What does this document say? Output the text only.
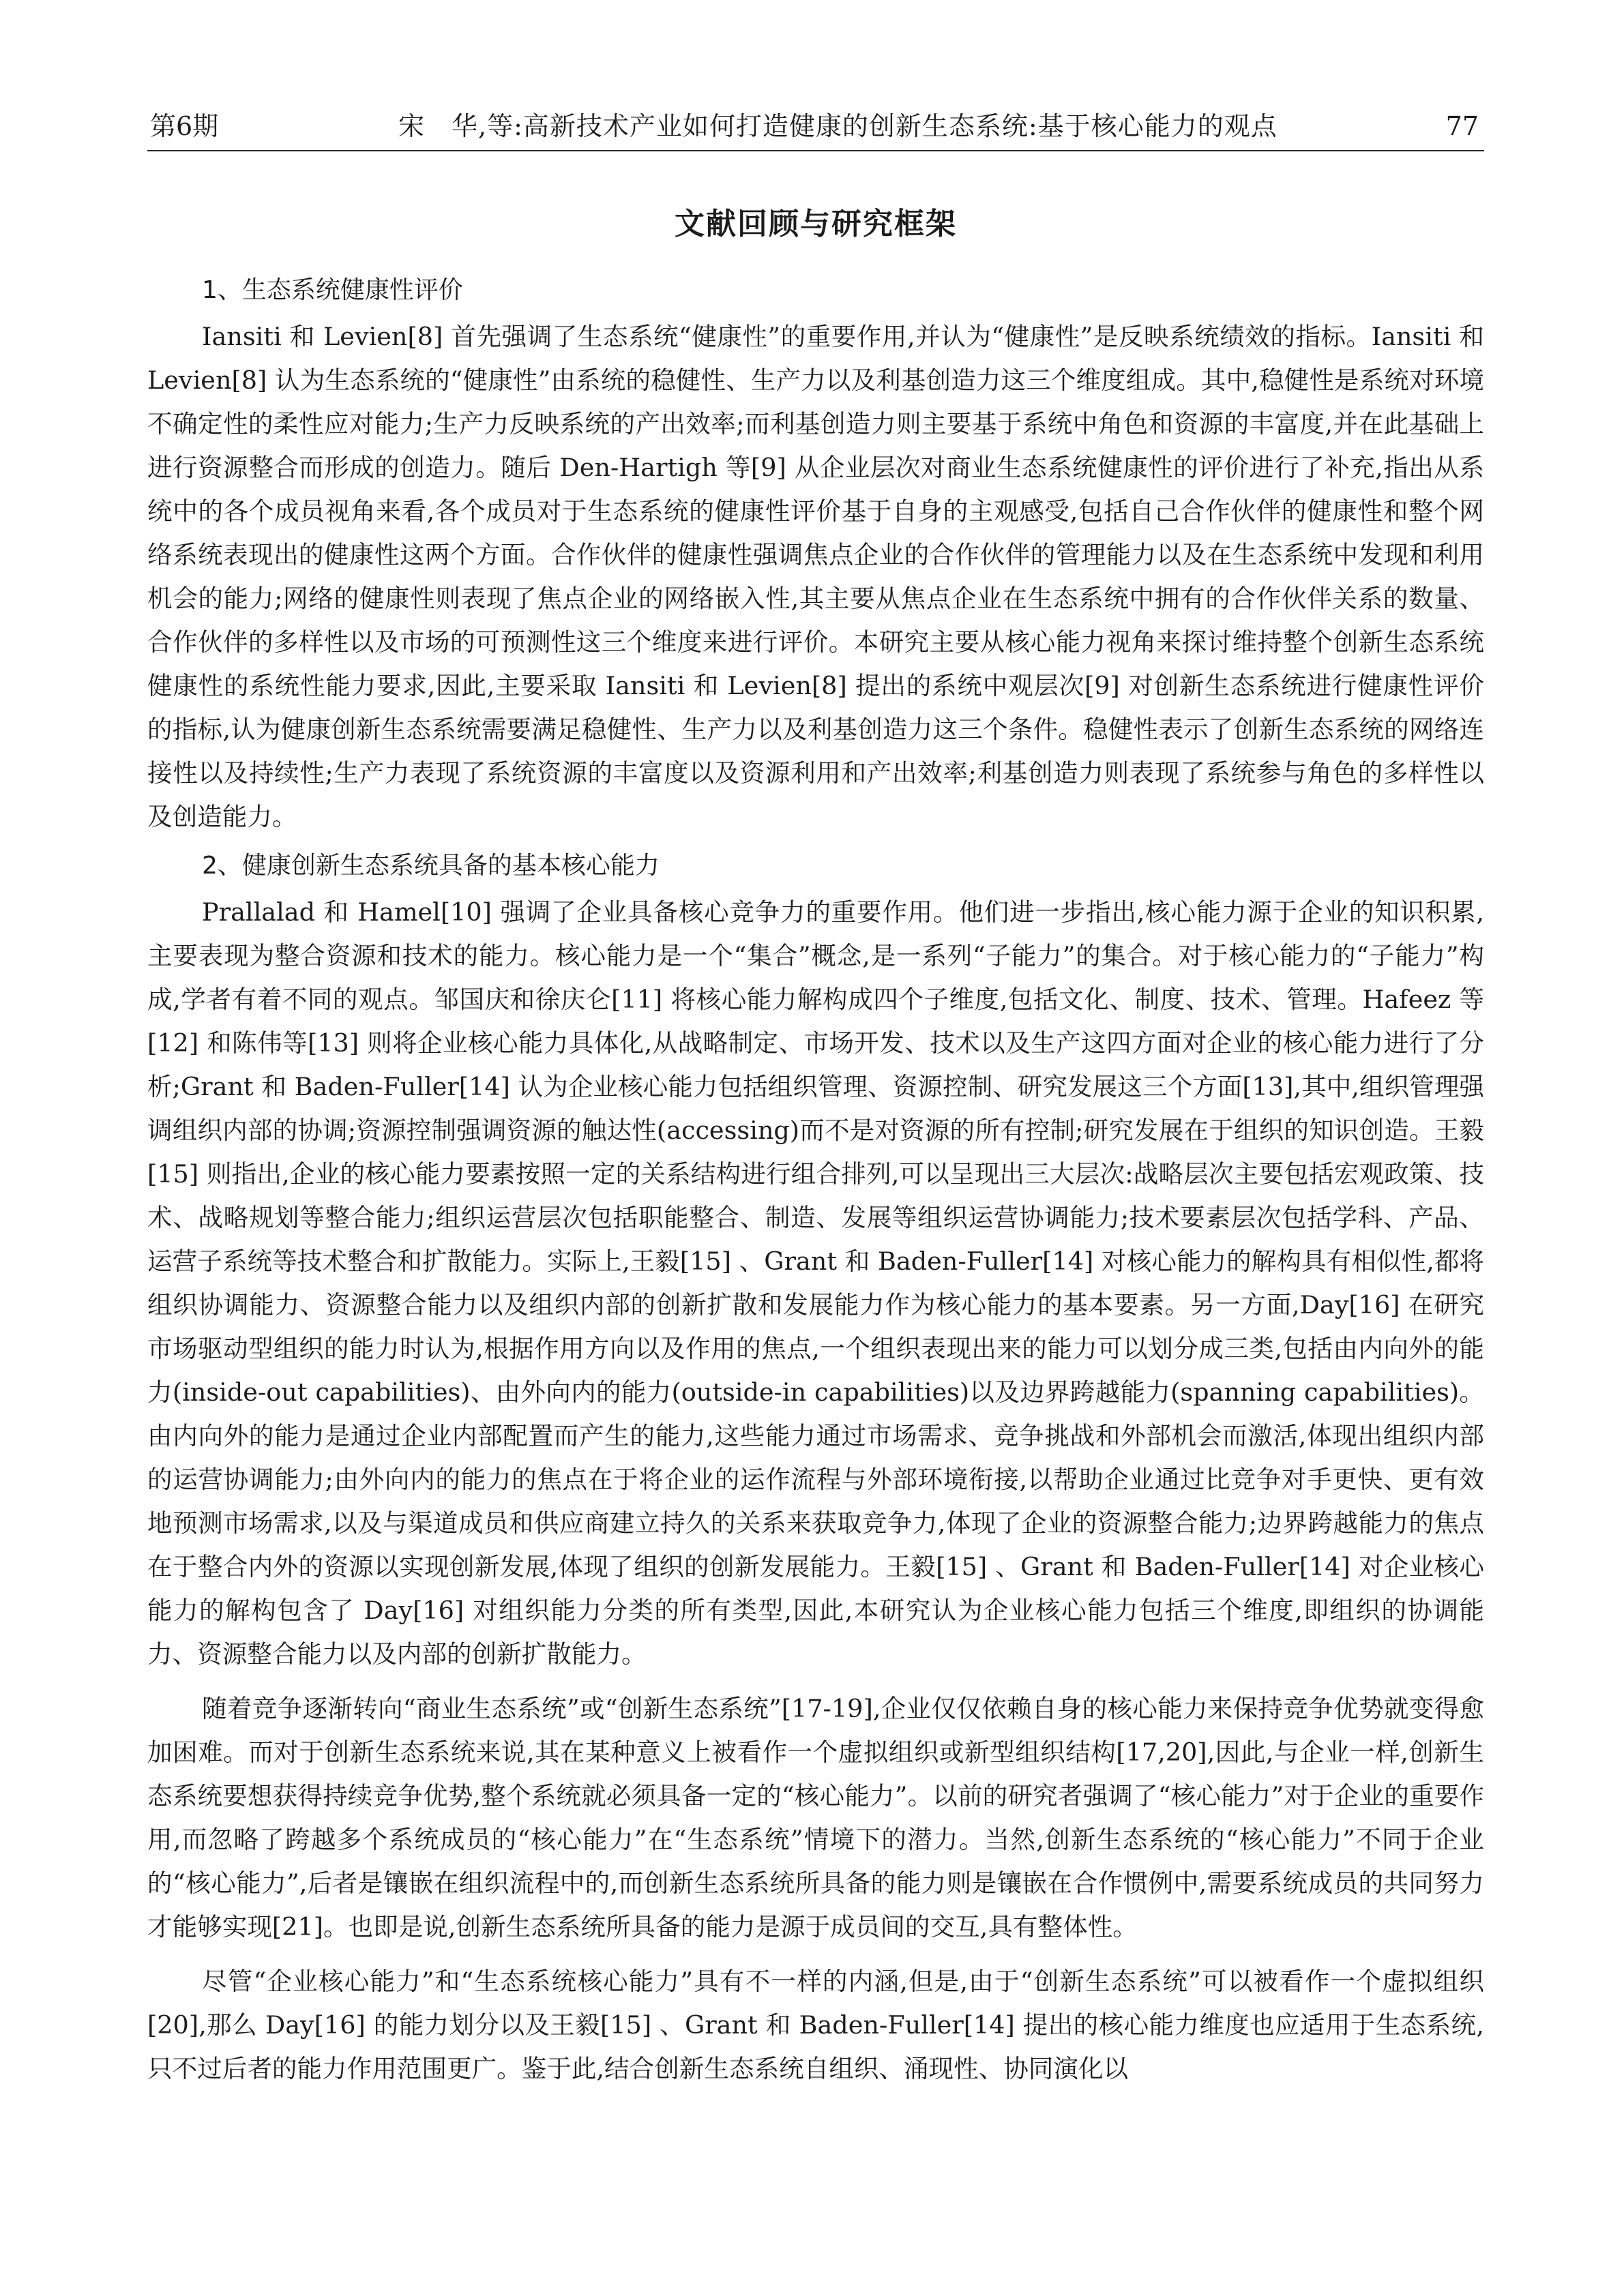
第6期	宋　华,等:高新技术产业如何打造健康的创新生态系统:基于核心能力的观点	77
文献回顾与研究框架
1、生态系统健康性评价

Iansiti 和 Levien[8] 首先强调了生态系统“健康性”的重要作用,并认为“健康性”是反映系统绩效的指标。Iansiti 和 Levien[8] 认为生态系统的“健康性”由系统的稳健性、生产力以及利基创造力这三个维度组成。其中,稳健性是系统对环境不确定性的柔性应对能力;生产力反映系统的产出效率;而利基创造力则主要基于系统中角色和资源的丰富度,并在此基础上进行资源整合而形成的创造力。随后 Den-Hartigh 等[9] 从企业层次对商业生态系统健康性的评价进行了补充,指出从系统中的各个成员视角来看,各个成员对于生态系统的健康性评价基于自身的主观感受,包括自己合作伙伴的健康性和整个网络系统表现出的健康性这两个方面。合作伙伴的健康性强调焦点企业的合作伙伴的管理能力以及在生态系统中发现和利用机会的能力;网络的健康性则表现了焦点企业的网络嵌入性,其主要从焦点企业在生态系统中拥有的合作伙伴关系的数量、合作伙伴的多样性以及市场的可预测性这三个维度来进行评价。本研究主要从核心能力视角来探讨维持整个创新生态系统健康性的系统性能力要求,因此,主要采取 Iansiti 和 Levien[8] 提出的系统中观层次[9] 对创新生态系统进行健康性评价的指标,认为健康创新生态系统需要满足稳健性、生产力以及利基创造力这三个条件。稳健性表示了创新生态系统的网络连接性以及持续性;生产力表现了系统资源的丰富度以及资源利用和产出效率;利基创造力则表现了系统参与角色的多样性以及创造能力。

2、健康创新生态系统具备的基本核心能力

Prallalad 和 Hamel[10] 强调了企业具备核心竞争力的重要作用。他们进一步指出,核心能力源于企业的知识积累,主要表现为整合资源和技术的能力。核心能力是一个“集合”概念,是一系列“子能力”的集合。对于核心能力的“子能力”构成,学者有着不同的观点。邹国庆和徐庆仑[11] 将核心能力解构成四个子维度,包括文化、制度、技术、管理。Hafeez 等[12] 和陈伟等[13] 则将企业核心能力具体化,从战略制定、市场开发、技术以及生产这四方面对企业的核心能力进行了分析;Grant 和 Baden-Fuller[14] 认为企业核心能力包括组织管理、资源控制、研究发展这三个方面[13],其中,组织管理强调组织内部的协调;资源控制强调资源的触达性(accessing)而不是对资源的所有控制;研究发展在于组织的知识创造。王毅[15] 则指出,企业的核心能力要素按照一定的关系结构进行组合排列,可以呈现出三大层次:战略层次主要包括宏观政策、技术、战略规划等整合能力;组织运营层次包括职能整合、制造、发展等组织运营协调能力;技术要素层次包括学科、产品、运营子系统等技术整合和扩散能力。实际上,王毅[15] 、Grant 和 Baden-Fuller[14] 对核心能力的解构具有相似性,都将组织协调能力、资源整合能力以及组织内部的创新扩散和发展能力作为核心能力的基本要素。另一方面,Day[16] 在研究市场驱动型组织的能力时认为,根据作用方向以及作用的焦点,一个组织表现出来的能力可以划分成三类,包括由内向外的能力(inside-out capabilities)、由外向内的能力(outside-in capabilities)以及边界跨越能力(spanning capabilities)。由内向外的能力是通过企业内部配置而产生的能力,这些能力通过市场需求、竞争挑战和外部机会而激活,体现出组织内部的运营协调能力;由外向内的能力的焦点在于将企业的运作流程与外部环境衔接,以帮助企业通过比竞争对手更快、更有效地预测市场需求,以及与渠道成员和供应商建立持久的关系来获取竞争力,体现了企业的资源整合能力;边界跨越能力的焦点在于整合内外的资源以实现创新发展,体现了组织的创新发展能力。王毅[15] 、Grant 和 Baden-Fuller[14] 对企业核心能力的解构包含了 Day[16] 对组织能力分类的所有类型,因此,本研究认为企业核心能力包括三个维度,即组织的协调能力、资源整合能力以及内部的创新扩散能力。

随着竞争逐渐转向“商业生态系统”或“创新生态系统”[17-19],企业仅仅依赖自身的核心能力来保持竞争优势就变得愈加困难。而对于创新生态系统来说,其在某种意义上被看作一个虚拟组织或新型组织结构[17,20],因此,与企业一样,创新生态系统要想获得持续竞争优势,整个系统就必须具备一定的“核心能力”。以前的研究者强调了“核心能力”对于企业的重要作用,而忽略了跨越多个系统成员的“核心能力”在“生态系统”情境下的潜力。当然,创新生态系统的“核心能力”不同于企业的“核心能力”,后者是镶嵌在组织流程中的,而创新生态系统所具备的能力则是镶嵌在合作惯例中,需要系统成员的共同努力才能够实现[21]。也即是说,创新生态系统所具备的能力是源于成员间的交互,具有整体性。

尽管“企业核心能力”和“生态系统核心能力”具有不一样的内涵,但是,由于“创新生态系统”可以被看作一个虚拟组织[20],那么 Day[16] 的能力划分以及王毅[15] 、Grant 和 Baden-Fuller[14] 提出的核心能力维度也应适用于生态系统,只不过后者的能力作用范围更广。鉴于此,结合创新生态系统自组织、涌现性、协同演化以
